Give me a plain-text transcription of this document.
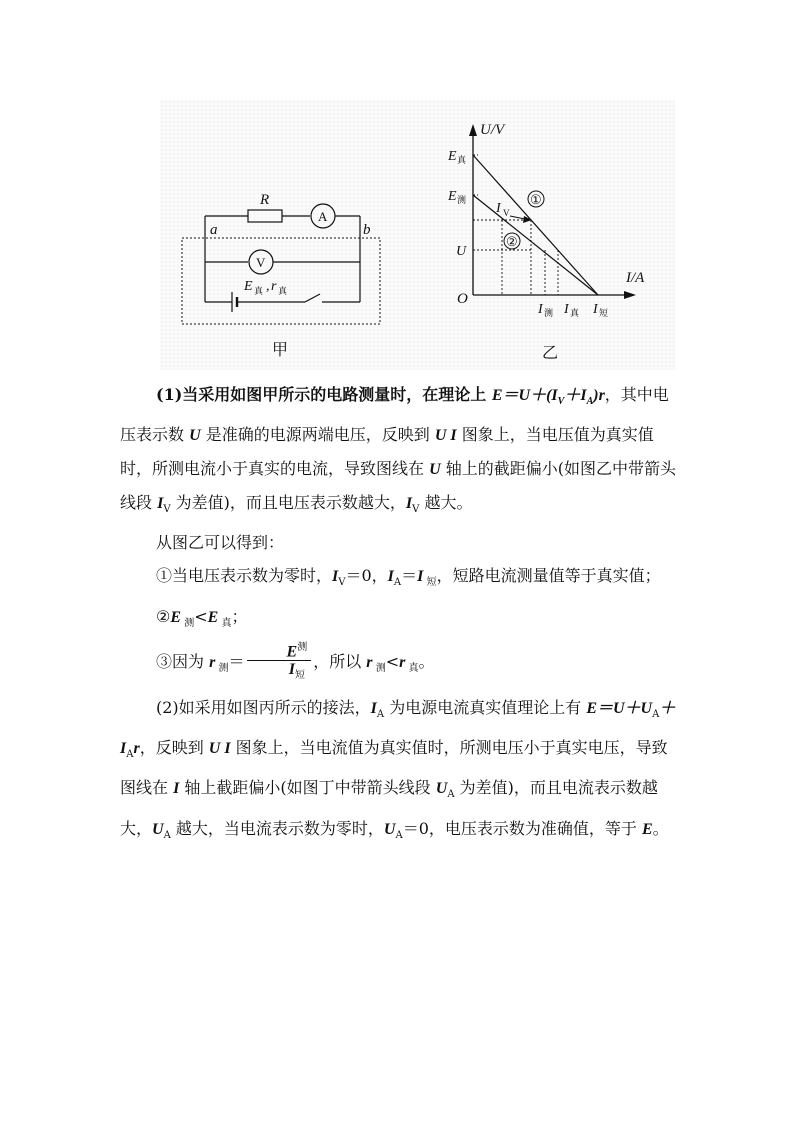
R
A
V
a	b
E 真 , r 真
甲
U/V
I/A
O
E 真
E 测
U
I V
①
②
I 测 I 真 I 短
乙

(1)当采用如图甲所示的电路测量时，在理论上 $E=U+(I_V+I_A)r$，其中电压表示数 U 是准确的电源两端电压，反映到 U I 图象上，当电压值为真实值时，所测电流小于真实的电流，导致图线在 U 轴上的截距偏小(如图乙中带箭头线段 $I_V$ 为差值)，而且电压表示数越大，$I_V$ 越大。

从图乙可以得到：

①当电压表示数为零时，$I_V=0$，$I_A=I$ $_短$，短路电流测量值等于真实值；

②E $_测$<E $_真$；

③因为 r $_测= \frac{E^测}{I_短}$ ，所以 r $_测$<r $_真$。

(2)如采用如图丙所示的接法，$I_A$ 为电源电流真实值理论上有 $E=U+U_A+I_Ar$，反映到 U I 图象上，当电流值为真实值时，所测电压小于真实电压，导致图线在 I 轴上截距偏小(如图丁中带箭头线段 $U_A$ 为差值)，而且电流表示数越大，$U_A$ 越大，当电流表示数为零时，$U_A=0$，电压表示数为准确值，等于 E。
